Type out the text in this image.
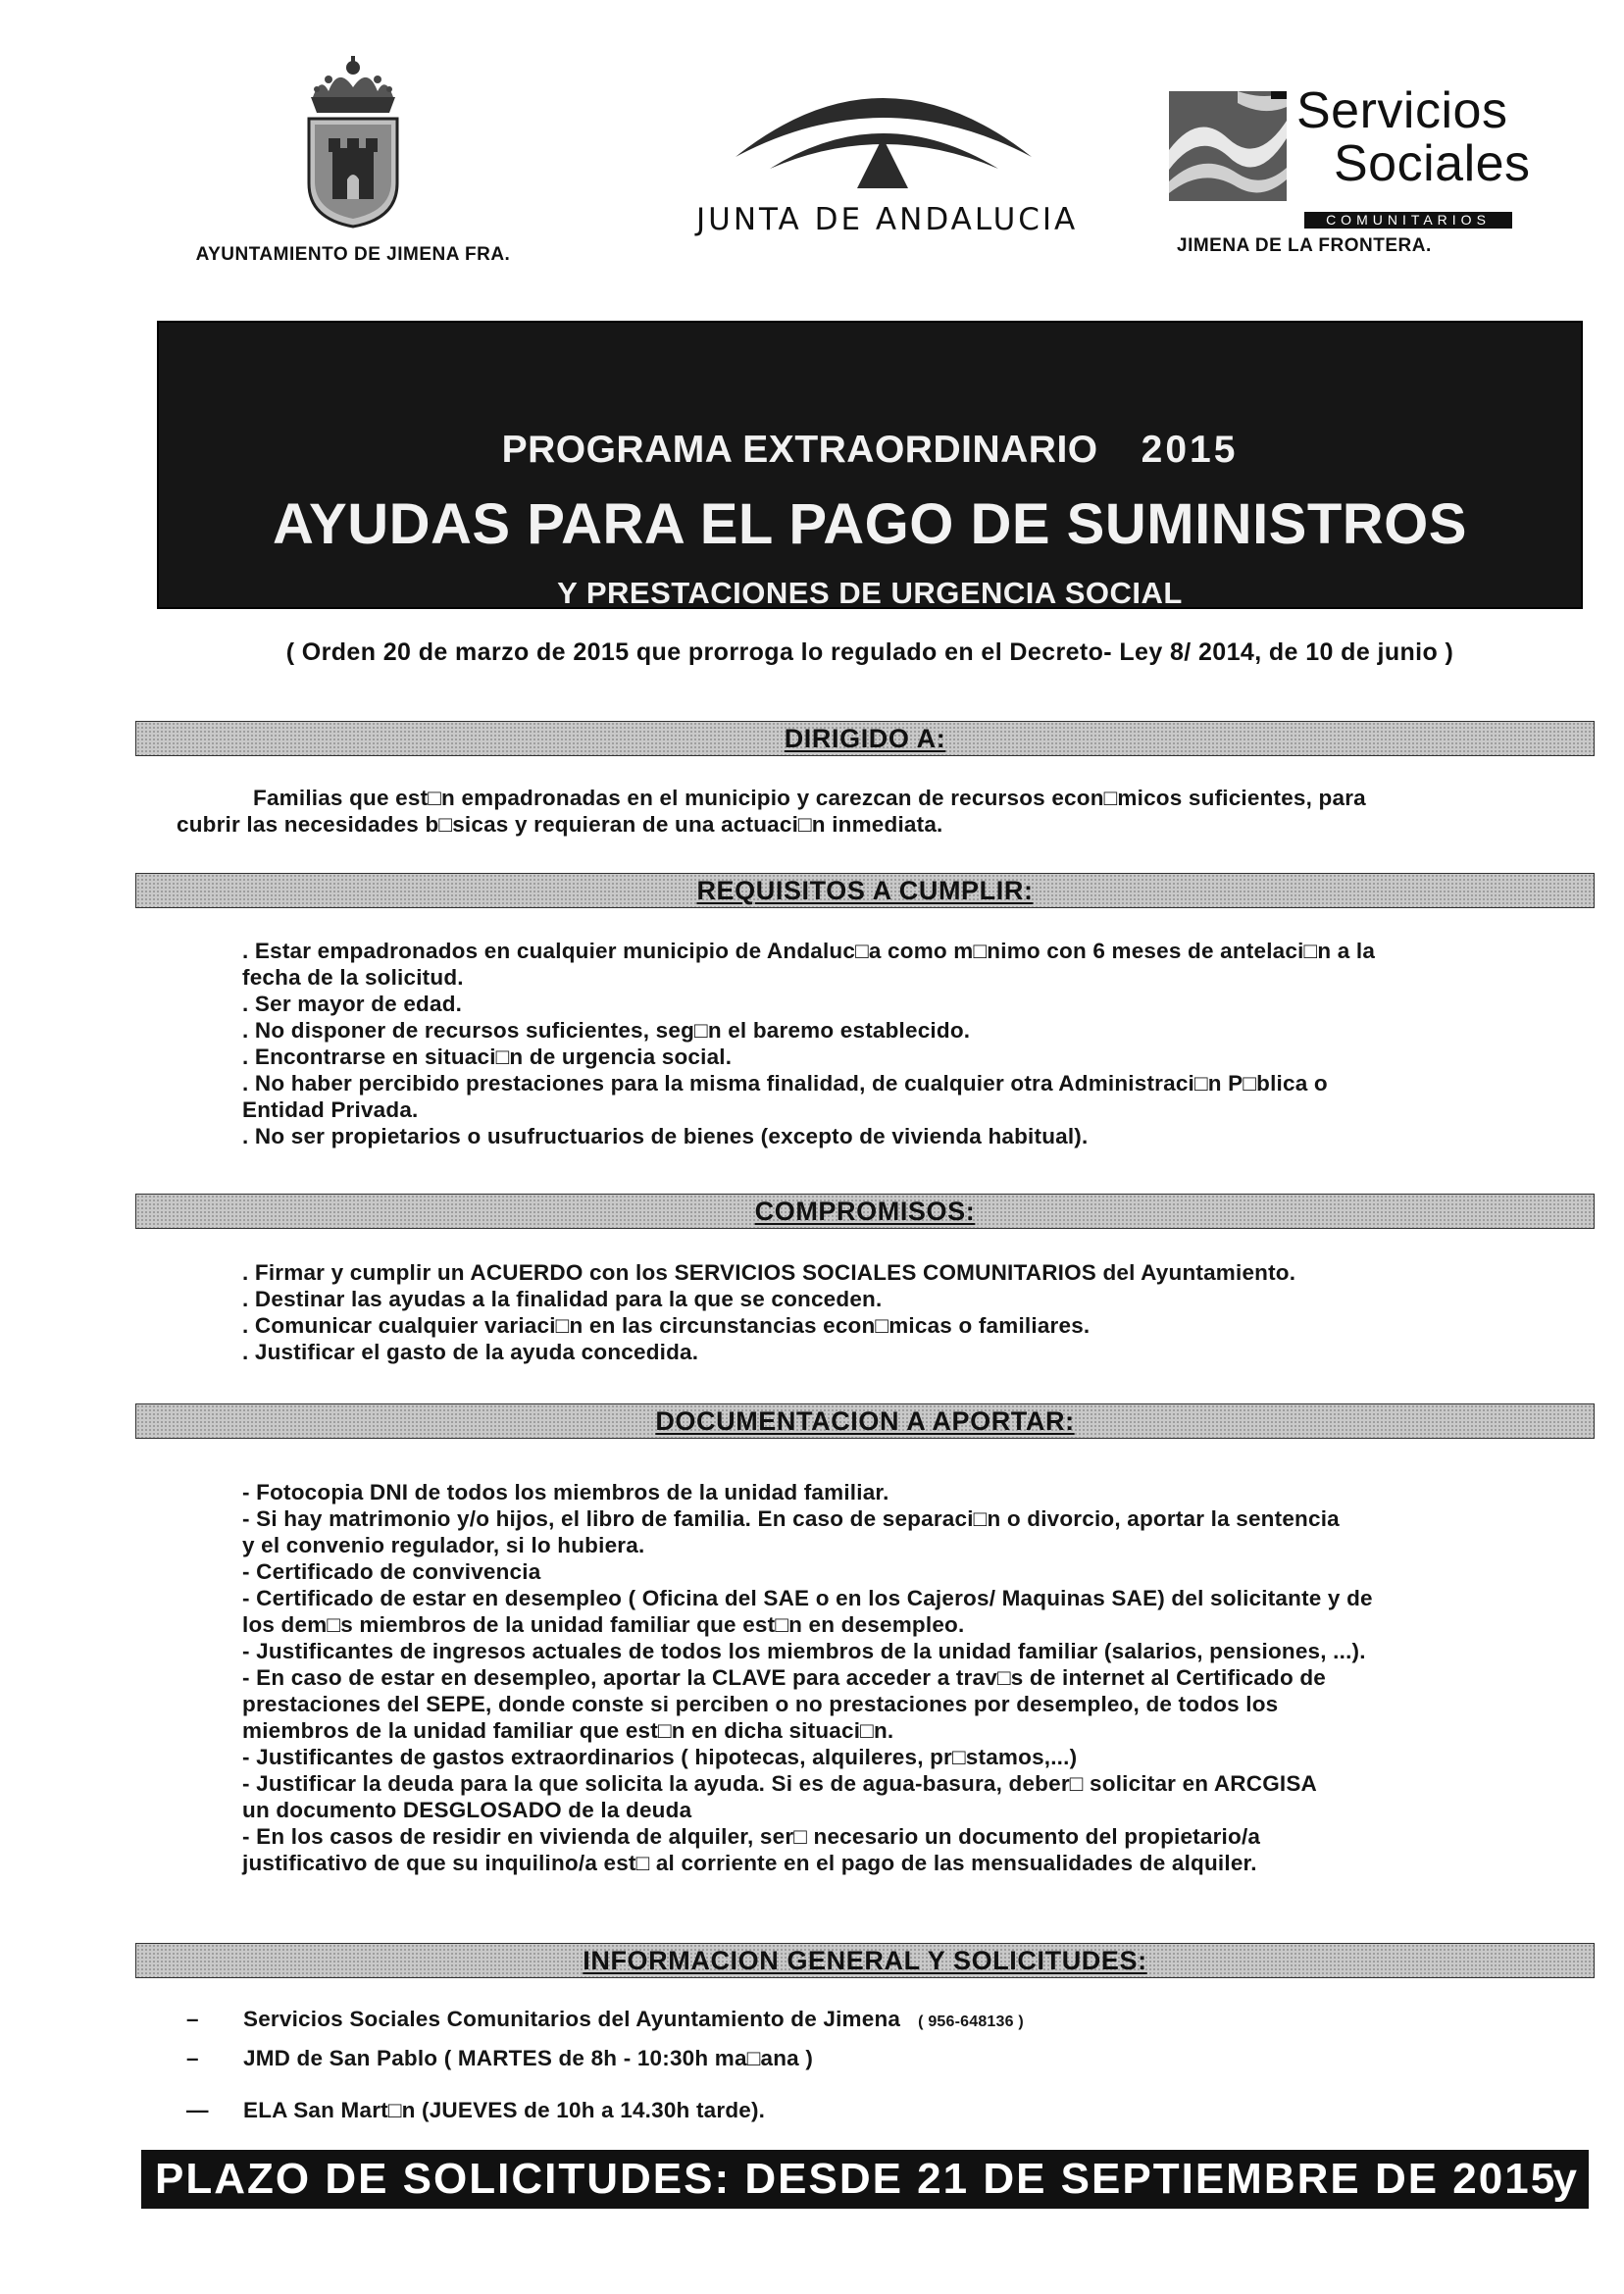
AYUNTAMIENTO DE JIMENA FRA.
JUNTA DE ANDALUCIA
Servicios
Sociales
COMUNITARIOS
JIMENA DE LA FRONTERA.
PROGRAMA EXTRAORDINARIO 2015
AYUDAS PARA EL PAGO DE SUMINISTROS
Y PRESTACIONES DE URGENCIA SOCIAL
( Orden 20 de marzo de 2015 que prorroga lo regulado en el Decreto- Ley 8/ 2014, de 10 de junio )
DIRIGIDO A:
Familias que est□n empadronadas en el municipio y carezcan de recursos econ□micos suficientes, para
cubrir las necesidades b□sicas y requieran de una actuaci□n inmediata.
REQUISITOS A CUMPLIR:
. Estar empadronados en cualquier municipio de Andaluc□a como m□nimo con 6 meses de antelaci□n a la
fecha de la solicitud.
. Ser mayor de edad.
. No disponer de recursos suficientes, seg□n el baremo establecido.
. Encontrarse en situaci□n de urgencia social.
. No haber percibido prestaciones para la misma finalidad, de cualquier otra Administraci□n P□blica o
Entidad Privada.
. No ser propietarios o usufructuarios de bienes (excepto de vivienda habitual).
COMPROMISOS:
. Firmar y cumplir un ACUERDO con los SERVICIOS SOCIALES COMUNITARIOS del Ayuntamiento.
. Destinar las ayudas a la finalidad para la que se conceden.
. Comunicar cualquier variaci□n en las circunstancias econ□micas o familiares.
. Justificar el gasto de la ayuda concedida.
DOCUMENTACION A APORTAR:
- Fotocopia DNI de todos los miembros de la unidad familiar.
- Si hay matrimonio y/o hijos, el libro de familia. En caso de separaci□n o divorcio, aportar la sentencia
y el convenio regulador, si lo hubiera.
- Certificado de convivencia
- Certificado de estar en desempleo ( Oficina del SAE o en los Cajeros/ Maquinas SAE) del solicitante y de
los dem□s miembros de la unidad familiar que est□n en desempleo.
- Justificantes de ingresos actuales de todos los miembros de la unidad familiar (salarios, pensiones, ...).
- En caso de estar en desempleo, aportar la CLAVE para acceder a trav□s de internet al Certificado de
prestaciones del SEPE, donde conste si perciben o no prestaciones por desempleo, de todos los
miembros de la unidad familiar que est□n en dicha situaci□n.
- Justificantes de gastos extraordinarios ( hipotecas, alquileres, pr□stamos,...)
- Justificar la deuda para la que solicita la ayuda. Si es de agua-basura, deber□ solicitar en ARCGISA
un documento DESGLOSADO de la deuda
- En los casos de residir en vivienda de alquiler, ser□ necesario un documento del propietario/a
justificativo de que su inquilino/a est□ al corriente en el pago de las mensualidades de alquiler.
INFORMACION GENERAL Y SOLICITUDES:
– Servicios Sociales Comunitarios del Ayuntamiento de Jimena ( 956-648136 )
– JMD de San Pablo ( MARTES de 8h - 10:30h ma□ana )
— ELA San Mart□n (JUEVES de 10h a 14.30h tarde).
PLAZO DE SOLICITUDES: DESDE 21 DE SEPTIEMBRE DE 2015
y
